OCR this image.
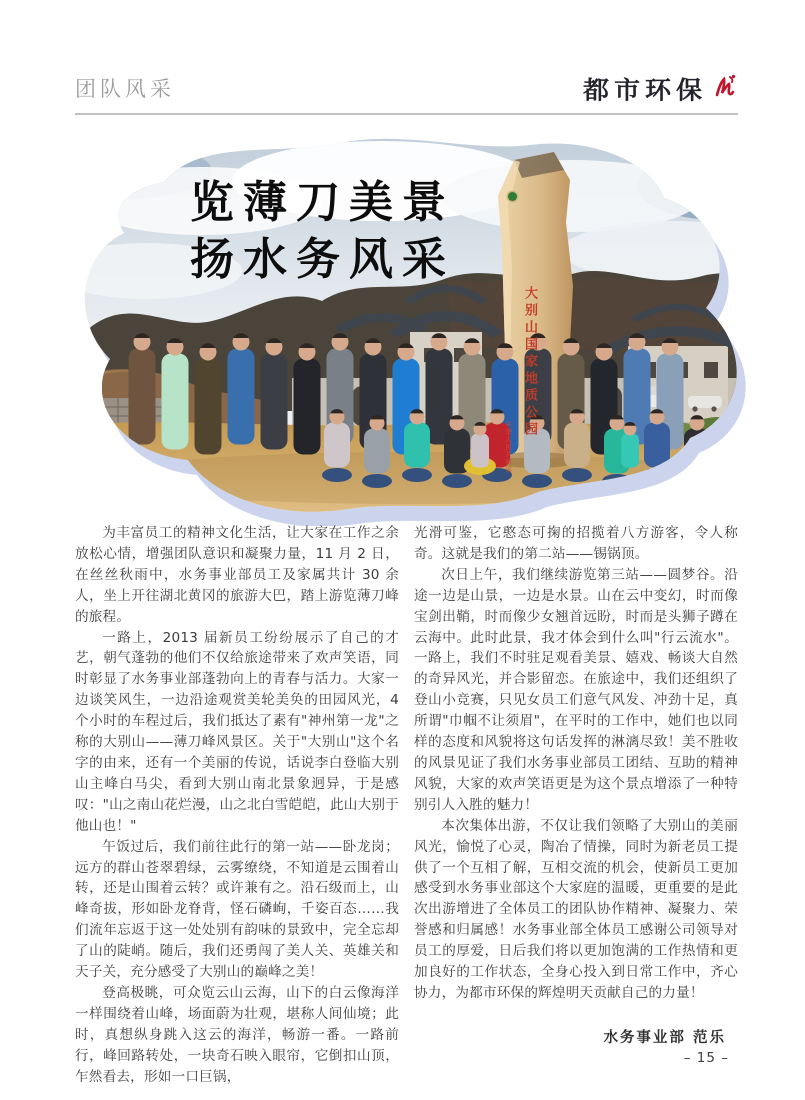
团队风采	都市环保
览薄刀美景
扬水务风采
大别山国家地质公园
中华人民共和国

为丰富员工的精神文化生活，让大家在工作之余放松心情，增强团队意识和凝聚力量，11 月 2 日，在丝丝秋雨中，水务事业部员工及家属共计 30 余人，坐上开往湖北黄冈的旅游大巴，踏上游览薄刀峰的旅程。

一路上，2013 届新员工纷纷展示了自己的才艺，朝气蓬勃的他们不仅给旅途带来了欢声笑语，同时彰显了水务事业部蓬勃向上的青春与活力。大家一边谈笑风生，一边沿途观赏美轮美奂的田园风光，4 个小时的车程过后，我们抵达了素有"神州第一龙"之称的大别山——薄刀峰风景区。关于"大别山"这个名字的由来，还有一个美丽的传说，话说李白登临大别山主峰白马尖，看到大别山南北景象迥异，于是感叹："山之南山花烂漫，山之北白雪皑皑，此山大别于他山也！"

午饭过后，我们前往此行的第一站——卧龙岗；远方的群山苍翠碧绿，云雾缭绕，不知道是云围着山转，还是山围着云转？或许兼有之。沿石级而上，山峰奇拔，形如卧龙脊背，怪石磷峋，千姿百态……我们流年忘返于这一处处别有韵味的景致中，完全忘却了山的陡峭。随后，我们还勇闯了美人关、英雄关和天子关，充分感受了大别山的巅峰之美！

登高极眺，可众览云山云海，山下的白云像海洋一样围绕着山峰，场面蔚为壮观，堪称人间仙境；此时，真想纵身跳入这云的海洋，畅游一番。一路前行，峰回路转处，一块奇石映入眼帘，它倒扣山顶，乍然看去，形如一口巨锅，

光滑可鉴，它憨态可掬的招揽着八方游客，令人称奇。这就是我们的第二站——锡锅顶。

次日上午，我们继续游览第三站——圆梦谷。沿途一边是山景，一边是水景。山在云中变幻，时而像宝剑出鞘，时而像少女翘首远盼，时而是头狮子蹲在云海中。此时此景，我才体会到什么叫"行云流水"。一路上，我们不时驻足观看美景、嬉戏、畅谈大自然的奇异风光，并合影留恋。在旅途中，我们还组织了登山小竞赛，只见女员工们意气风发、冲劲十足，真所谓"巾帼不让须眉"，在平时的工作中，她们也以同样的态度和风貌将这句话发挥的淋漓尽致！美不胜收的风景见证了我们水务事业部员工团结、互助的精神风貌，大家的欢声笑语更是为这个景点增添了一种特别引人入胜的魅力！

本次集体出游，不仅让我们领略了大别山的美丽风光，愉悦了心灵，陶冶了情操，同时为新老员工提供了一个互相了解，互相交流的机会，使新员工更加感受到水务事业部这个大家庭的温暖，更重要的是此次出游增进了全体员工的团队协作精神、凝聚力、荣誉感和归属感！水务事业部全体员工感谢公司领导对员工的厚爱，日后我们将以更加饱满的工作热情和更加良好的工作状态，全身心投入到日常工作中，齐心协力，为都市环保的辉煌明天贡献自己的力量！

水务事业部 范乐
– 15 –
